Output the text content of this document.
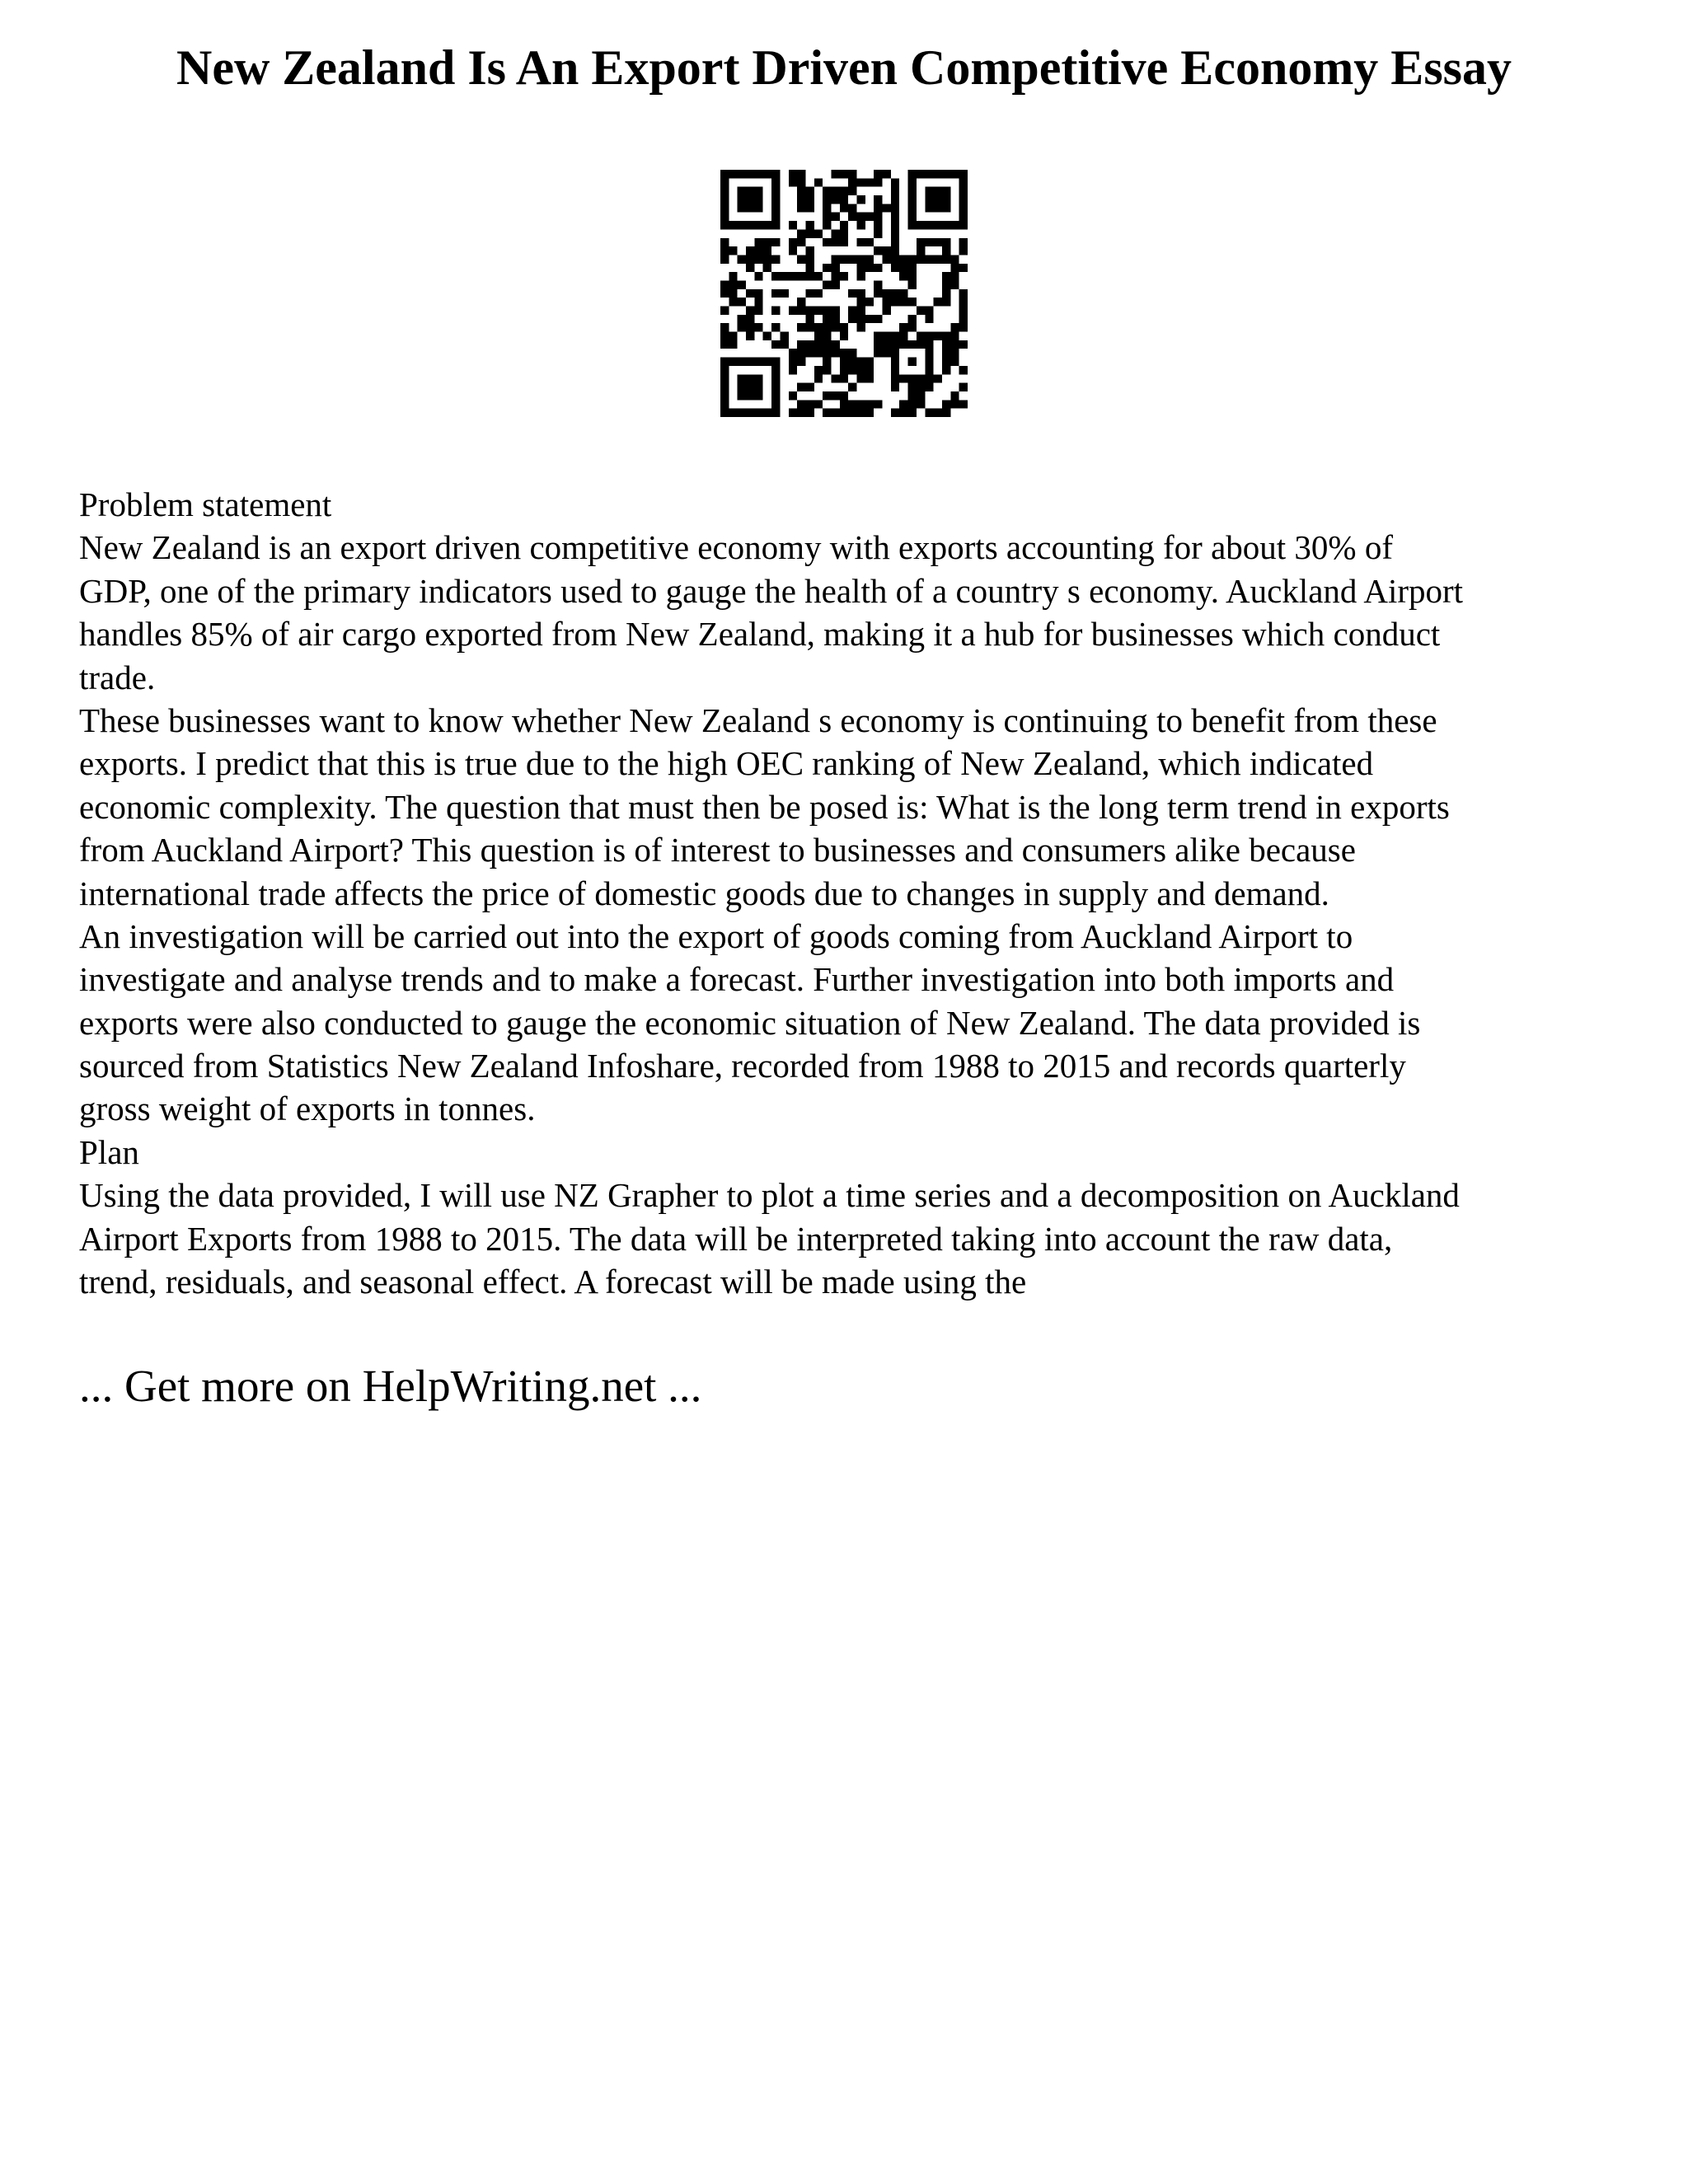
New Zealand Is An Export Driven Competitive Economy Essay
Problem statement
New Zealand is an export driven competitive economy with exports accounting for about 30% of
GDP, one of the primary indicators used to gauge the health of a country s economy. Auckland Airport
handles 85% of air cargo exported from New Zealand, making it a hub for businesses which conduct
trade.
These businesses want to know whether New Zealand s economy is continuing to benefit from these
exports. I predict that this is true due to the high OEC ranking of New Zealand, which indicated
economic complexity. The question that must then be posed is: What is the long term trend in exports
from Auckland Airport? This question is of interest to businesses and consumers alike because
international trade affects the price of domestic goods due to changes in supply and demand.
An investigation will be carried out into the export of goods coming from Auckland Airport to
investigate and analyse trends and to make a forecast. Further investigation into both imports and
exports were also conducted to gauge the economic situation of New Zealand. The data provided is
sourced from Statistics New Zealand Infoshare, recorded from 1988 to 2015 and records quarterly
gross weight of exports in tonnes.
Plan
Using the data provided, I will use NZ Grapher to plot a time series and a decomposition on Auckland
Airport Exports from 1988 to 2015. The data will be interpreted taking into account the raw data,
trend, residuals, and seasonal effect. A forecast will be made using the
... Get more on HelpWriting.net ...
